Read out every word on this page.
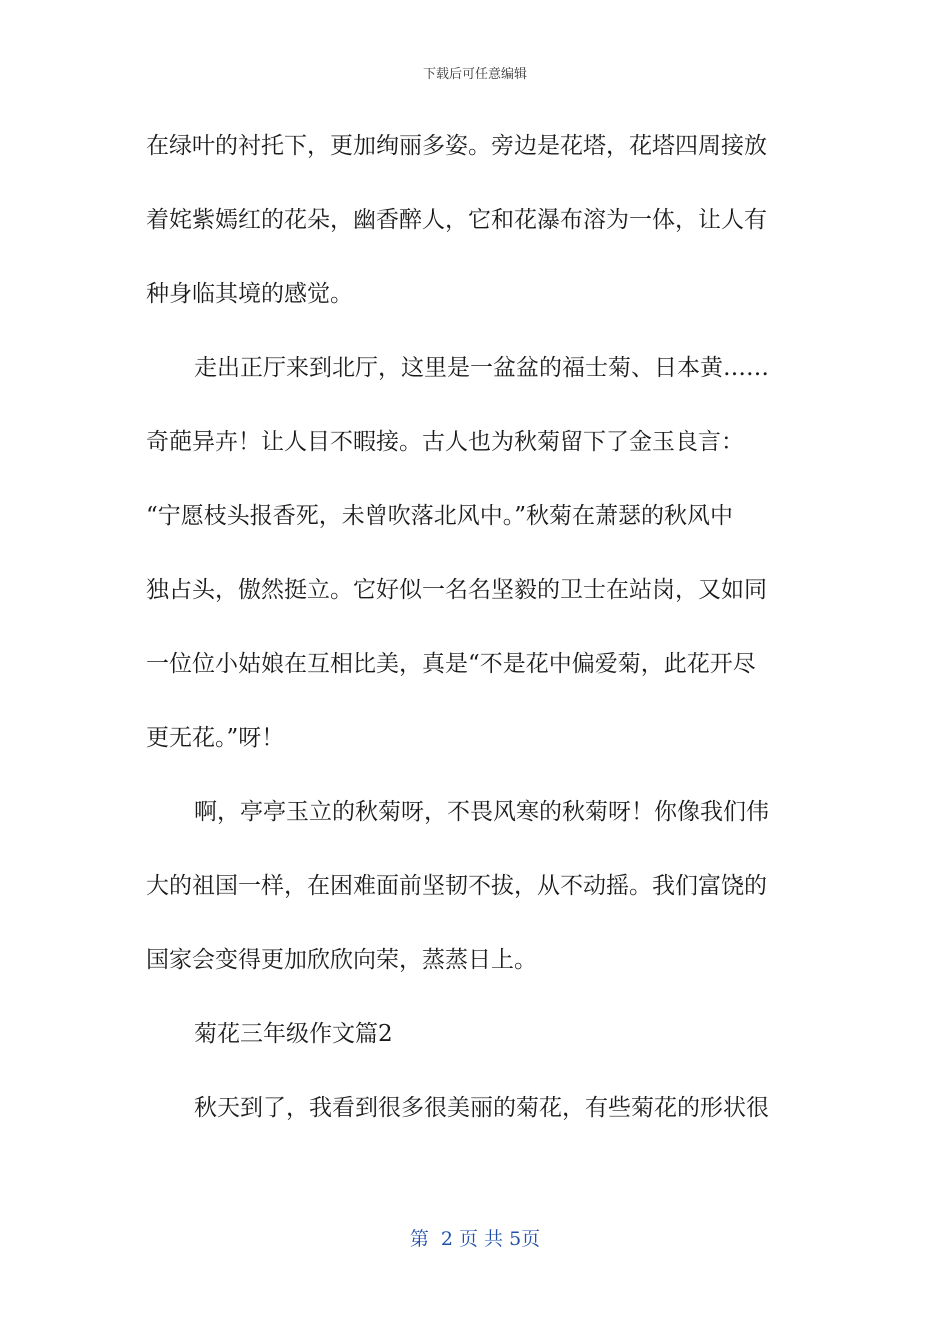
下载后可任意编辑
在绿叶的衬托下，更加绚丽多姿。旁边是花塔，花塔四周接放
着姹紫嫣红的花朵，幽香醉人，它和花瀑布溶为一体，让人有
种身临其境的感觉。
走出正厅来到北厅，这里是一盆盆的福士菊、日本黄……
奇葩异卉！让人目不暇接。古人也为秋菊留下了金玉良言：
“宁愿枝头报香死，未曾吹落北风中。”秋菊在萧瑟的秋风中
独占头，傲然挺立。它好似一名名坚毅的卫士在站岗，又如同
一位位小姑娘在互相比美，真是“不是花中偏爱菊，此花开尽
更无花。”呀！
啊，亭亭玉立的秋菊呀，不畏风寒的秋菊呀！你像我们伟
大的祖国一样，在困难面前坚韧不拔，从不动摇。我们富饶的
国家会变得更加欣欣向荣，蒸蒸日上。
菊花三年级作文篇2
秋天到了，我看到很多很美丽的菊花，有些菊花的形状很
第  2 页 共 5页
